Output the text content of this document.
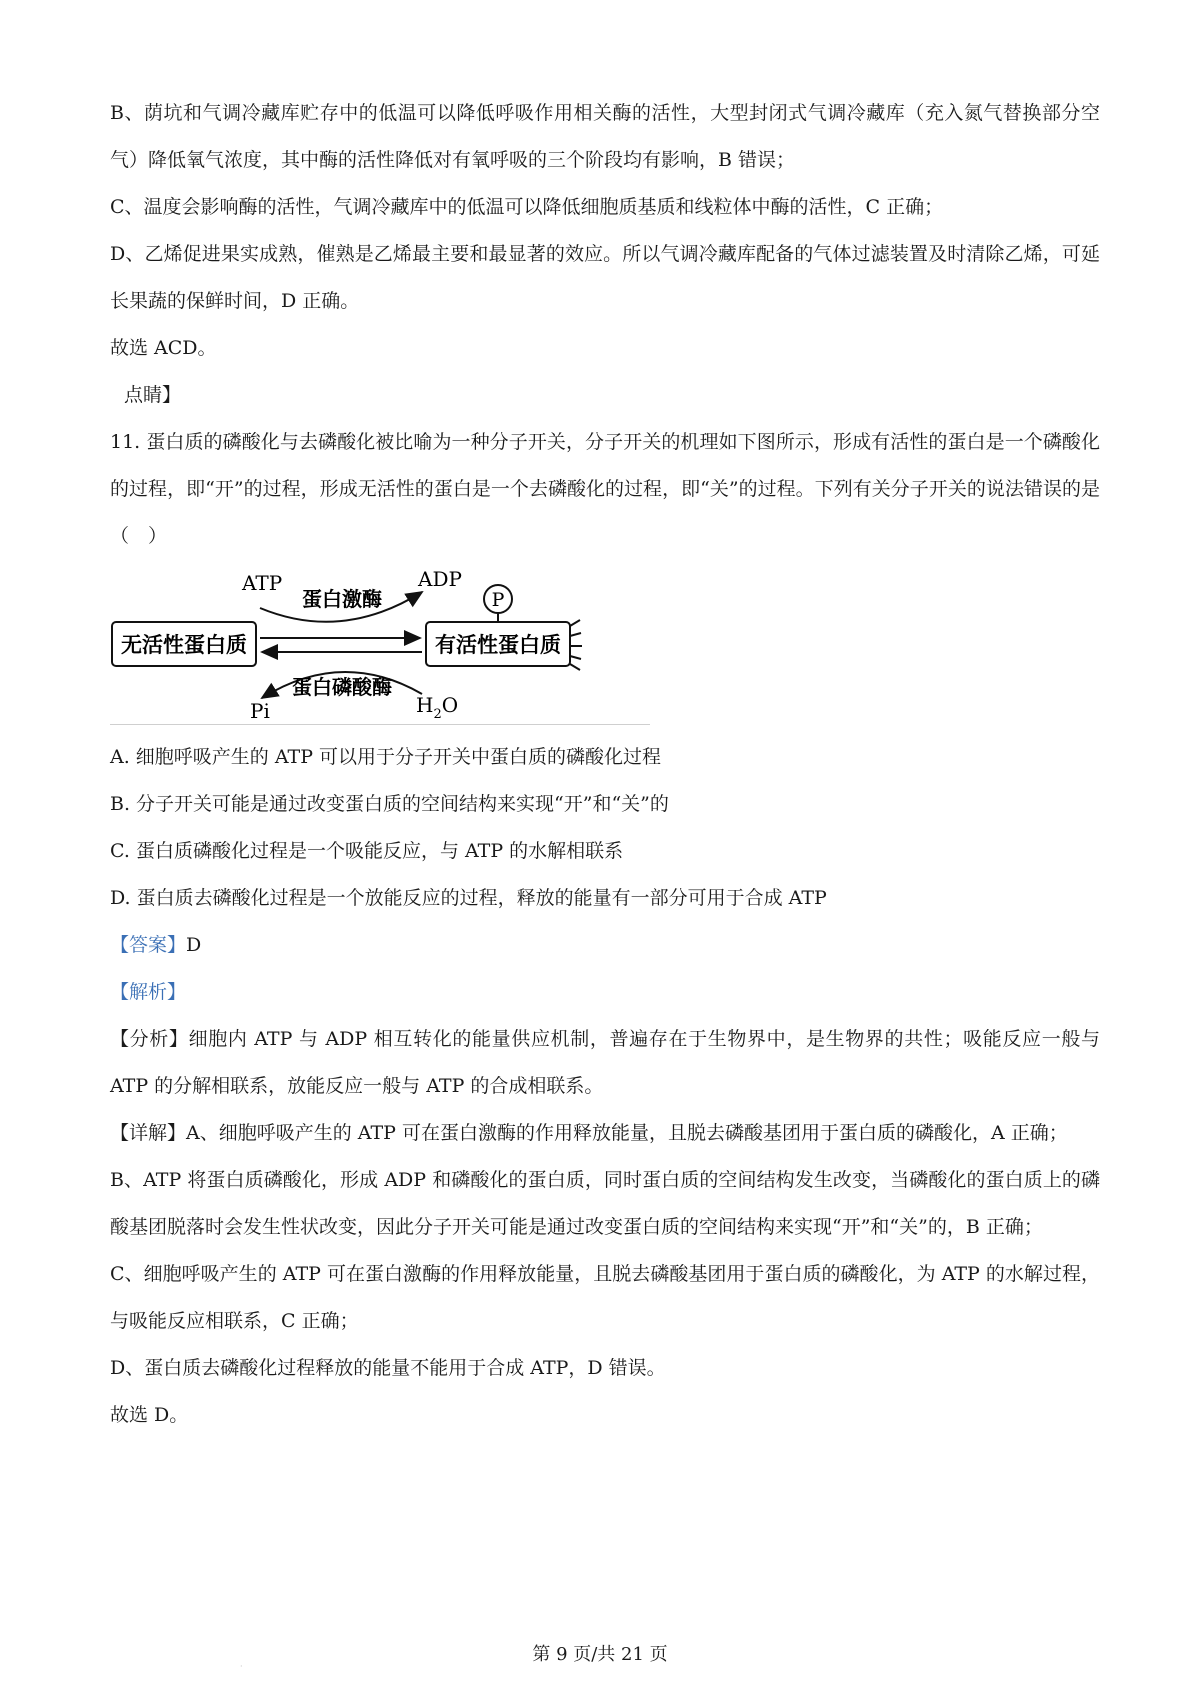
B、荫坑和气调冷藏库贮存中的低温可以降低呼吸作用相关酶的活性，大型封闭式气调冷藏库（充入氮气替换部分空气）降低氧气浓度，其中酶的活性降低对有氧呼吸的三个阶段均有影响，B 错误；

C、温度会影响酶的活性，气调冷藏库中的低温可以降低细胞质基质和线粒体中酶的活性，C 正确；

D、乙烯促进果实成熟，催熟是乙烯最主要和最显著的效应。所以气调冷藏库配备的气体过滤装置及时清除乙烯，可延长果蔬的保鲜时间，D 正确。

故选 ACD。

点睛】

11. 蛋白质的磷酸化与去磷酸化被比喻为一种分子开关，分子开关的机理如下图所示，形成有活性的蛋白是一个磷酸化的过程，即“开”的过程，形成无活性的蛋白是一个去磷酸化的过程，即“关”的过程。下列有关分子开关的说法错误的是（　）

无活性蛋白质	有活性蛋白质
P
ATP	ADP
蛋白激酶
Pi	$H_2O$
蛋白磷酸酶

A. 细胞呼吸产生的 ATP 可以用于分子开关中蛋白质的磷酸化过程

B. 分子开关可能是通过改变蛋白质的空间结构来实现“开”和“关”的

C. 蛋白质磷酸化过程是一个吸能反应，与 ATP 的水解相联系

D. 蛋白质去磷酸化过程是一个放能反应的过程，释放的能量有一部分可用于合成 ATP

【答案】D

【解析】

【分析】细胞内 ATP 与 ADP 相互转化的能量供应机制，普遍存在于生物界中，是生物界的共性；吸能反应一般与 ATP 的分解相联系，放能反应一般与 ATP 的合成相联系。

【详解】A、细胞呼吸产生的 ATP 可在蛋白激酶的作用释放能量，且脱去磷酸基团用于蛋白质的磷酸化，A 正确；

B、ATP 将蛋白质磷酸化，形成 ADP 和磷酸化的蛋白质，同时蛋白质的空间结构发生改变，当磷酸化的蛋白质上的磷酸基团脱落时会发生性状改变，因此分子开关可能是通过改变蛋白质的空间结构来实现“开”和“关”的，B 正确；

C、细胞呼吸产生的 ATP 可在蛋白激酶的作用释放能量，且脱去磷酸基团用于蛋白质的磷酸化，为 ATP 的水解过程，与吸能反应相联系，C 正确；

D、蛋白质去磷酸化过程释放的能量不能用于合成 ATP，D 错误。

故选 D。

·
第 9 页/共 21 页
